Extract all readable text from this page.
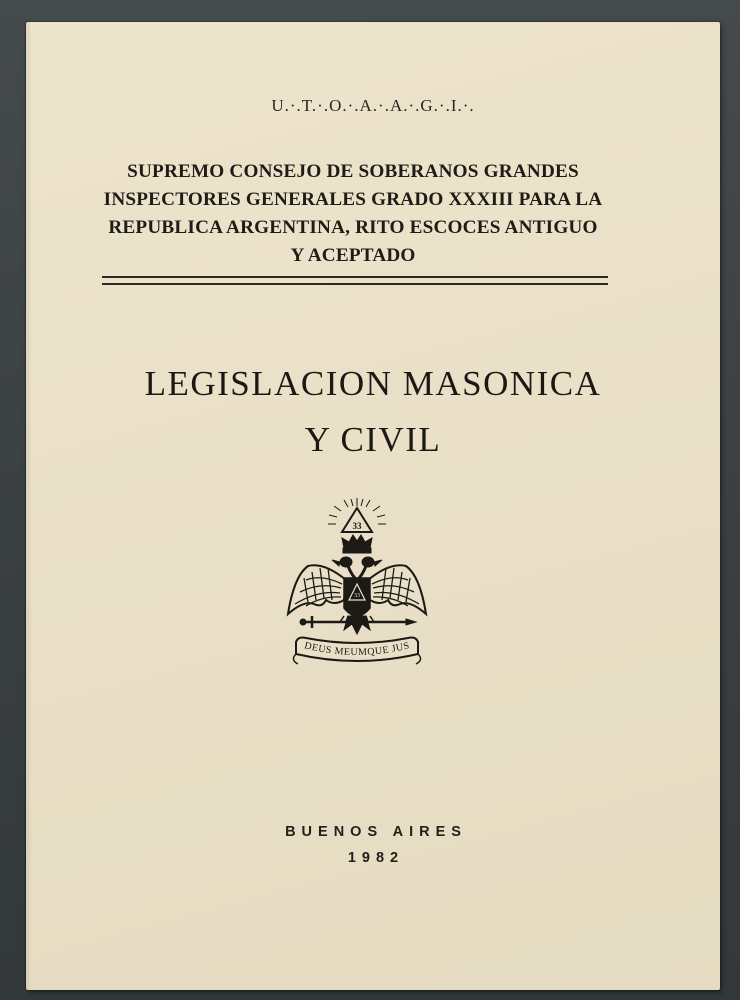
U.·.T.·.O.·.A.·.A.·.G.·.I.·.
SUPREMO CONSEJO DE SOBERANOS GRANDES
INSPECTORES GENERALES GRADO XXXIII PARA LA
REPUBLICA ARGENTINA, RITO ESCOCES ANTIGUO
Y ACEPTADO
LEGISLACION MASONICA
Y CIVIL
33
33
DEUS MEUMQUE JUS
BUENOS AIRES
1982
